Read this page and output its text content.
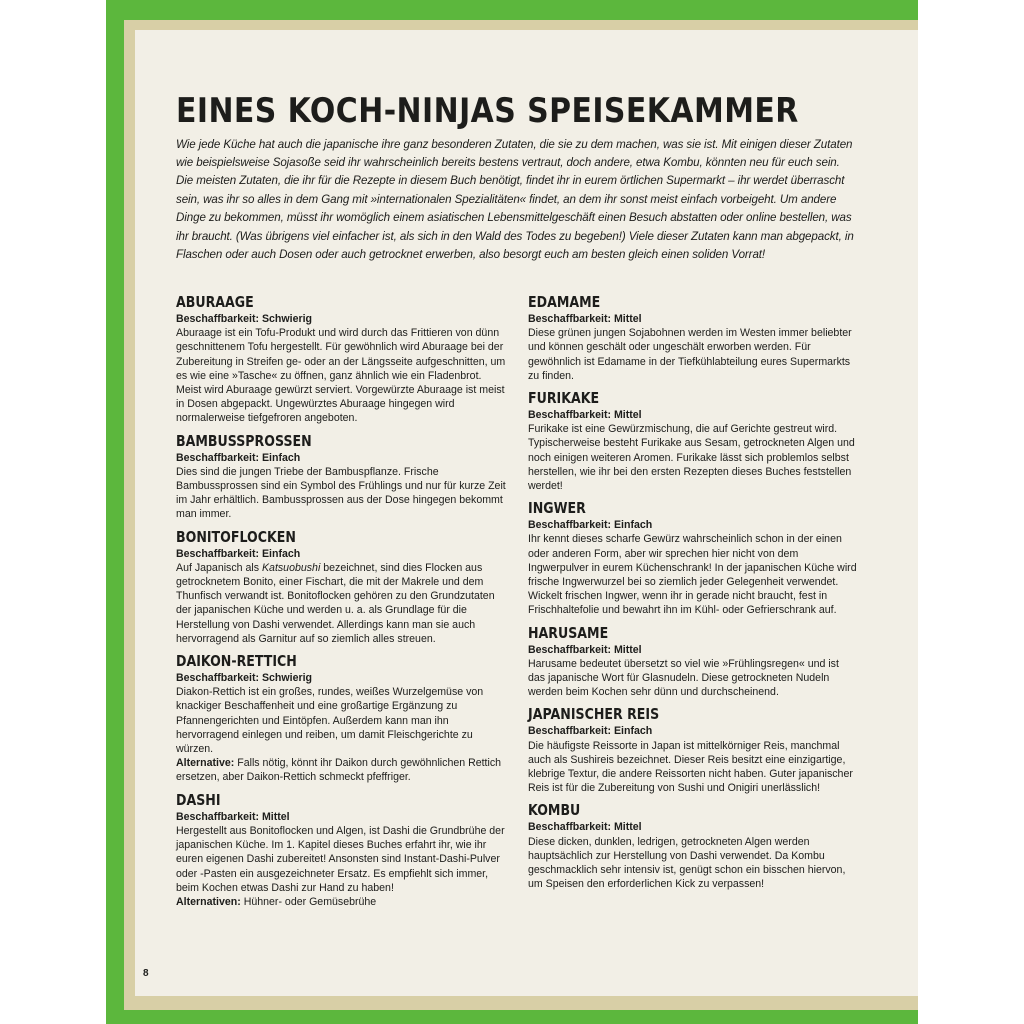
EINES KOCH-NINJAS SPEISEKAMMER

Wie jede Küche hat auch die japanische ihre ganz besonderen Zutaten, die sie zu dem machen, was sie ist. Mit einigen dieser Zutaten wie beispielsweise Sojasoße seid ihr wahrscheinlich bereits bestens vertraut, doch andere, etwa Kombu, könnten neu für euch sein. Die meisten Zutaten, die ihr für die Rezepte in diesem Buch benötigt, findet ihr in eurem örtlichen Supermarkt – ihr werdet überrascht sein, was ihr so alles in dem Gang mit »internationalen Spezialitäten« findet, an dem ihr sonst meist einfach vorbeigeht. Um andere Dinge zu bekommen, müsst ihr womöglich einem asiatischen Lebensmittelgeschäft einen Besuch abstatten oder online bestellen, was ihr braucht. (Was übrigens viel einfacher ist, als sich in den Wald des Todes zu begeben!) Viele dieser Zutaten kann man abgepackt, in Flaschen oder auch Dosen oder auch getrocknet erwerben, also besorgt euch am besten gleich einen soliden Vorrat!

ABURAAGE

Beschaffbarkeit: Schwierig

Aburaage ist ein Tofu-Produkt und wird durch das Frittieren von dünn geschnittenem Tofu hergestellt. Für gewöhnlich wird Aburaage bei der Zubereitung in Streifen ge- oder an der Längsseite aufgeschnitten, um es wie eine »Tasche« zu öffnen, ganz ähnlich wie ein Fladenbrot. Meist wird Aburaage gewürzt serviert. Vorgewürzte Aburaage ist meist in Dosen abgepackt. Ungewürztes Aburaage hingegen wird normalerweise tiefgefroren angeboten.

BAMBUSSPROSSEN

Beschaffbarkeit: Einfach

Dies sind die jungen Triebe der Bambuspflanze. Frische Bambussprossen sind ein Symbol des Frühlings und nur für kurze Zeit im Jahr erhältlich. Bambussprossen aus der Dose hingegen bekommt man immer.

BONITOFLOCKEN

Beschaffbarkeit: Einfach

Auf Japanisch als Katsuobushi bezeichnet, sind dies Flocken aus getrocknetem Bonito, einer Fischart, die mit der Makrele und dem Thunfisch verwandt ist. Bonitoflocken gehören zu den Grundzutaten der japanischen Küche und werden u. a. als Grundlage für die Herstellung von Dashi verwendet. Allerdings kann man sie auch hervorragend als Garnitur auf so ziemlich alles streuen.

DAIKON-RETTICH

Beschaffbarkeit: Schwierig

Diakon-Rettich ist ein großes, rundes, weißes Wurzelgemüse von knackiger Beschaffenheit und eine großartige Ergänzung zu Pfannengerichten und Eintöpfen. Außerdem kann man ihn hervorragend einlegen und reiben, um damit Fleischgerichte zu würzen.

Alternative: Falls nötig, könnt ihr Daikon durch gewöhnlichen Rettich ersetzen, aber Daikon-Rettich schmeckt pfeffriger.

DASHI

Beschaffbarkeit: Mittel

Hergestellt aus Bonitoflocken und Algen, ist Dashi die Grundbrühe der japanischen Küche. Im 1. Kapitel dieses Buches erfahrt ihr, wie ihr euren eigenen Dashi zubereitet! Ansonsten sind Instant-Dashi-Pulver oder -Pasten ein ausgezeichneter Ersatz. Es empfiehlt sich immer, beim Kochen etwas Dashi zur Hand zu haben!

Alternativen: Hühner- oder Gemüsebrühe

EDAMAME

Beschaffbarkeit: Mittel

Diese grünen jungen Sojabohnen werden im Westen immer beliebter und können geschält oder ungeschält erworben werden. Für gewöhnlich ist Edamame in der Tiefkühlabteilung eures Supermarkts zu finden.

FURIKAKE

Beschaffbarkeit: Mittel

Furikake ist eine Gewürzmischung, die auf Gerichte gestreut wird. Typischerweise besteht Furikake aus Sesam, getrockneten Algen und noch einigen weiteren Aromen. Furikake lässt sich problemlos selbst herstellen, wie ihr bei den ersten Rezepten dieses Buches feststellen werdet!

INGWER

Beschaffbarkeit: Einfach

Ihr kennt dieses scharfe Gewürz wahrscheinlich schon in der einen oder anderen Form, aber wir sprechen hier nicht von dem Ingwerpulver in eurem Küchenschrank! In der japanischen Küche wird frische Ingwerwurzel bei so ziemlich jeder Gelegenheit verwendet. Wickelt frischen Ingwer, wenn ihr in gerade nicht braucht, fest in Frischhaltefolie und bewahrt ihn im Kühl- oder Gefrierschrank auf.

HARUSAME

Beschaffbarkeit: Mittel

Harusame bedeutet übersetzt so viel wie »Frühlingsregen« und ist das japanische Wort für Glasnudeln. Diese getrockneten Nudeln werden beim Kochen sehr dünn und durchscheinend.

JAPANISCHER REIS

Beschaffbarkeit: Einfach

Die häufigste Reissorte in Japan ist mittelkörniger Reis, manchmal auch als Sushireis bezeichnet. Dieser Reis besitzt eine einzigartige, klebrige Textur, die andere Reissorten nicht haben. Guter japanischer Reis ist für die Zubereitung von Sushi und Onigiri unerlässlich!

KOMBU

Beschaffbarkeit: Mittel

Diese dicken, dunklen, ledrigen, getrockneten Algen werden hauptsächlich zur Herstellung von Dashi verwendet. Da Kombu geschmacklich sehr intensiv ist, genügt schon ein bisschen hiervon, um Speisen den erforderlichen Kick zu verpassen!

8
